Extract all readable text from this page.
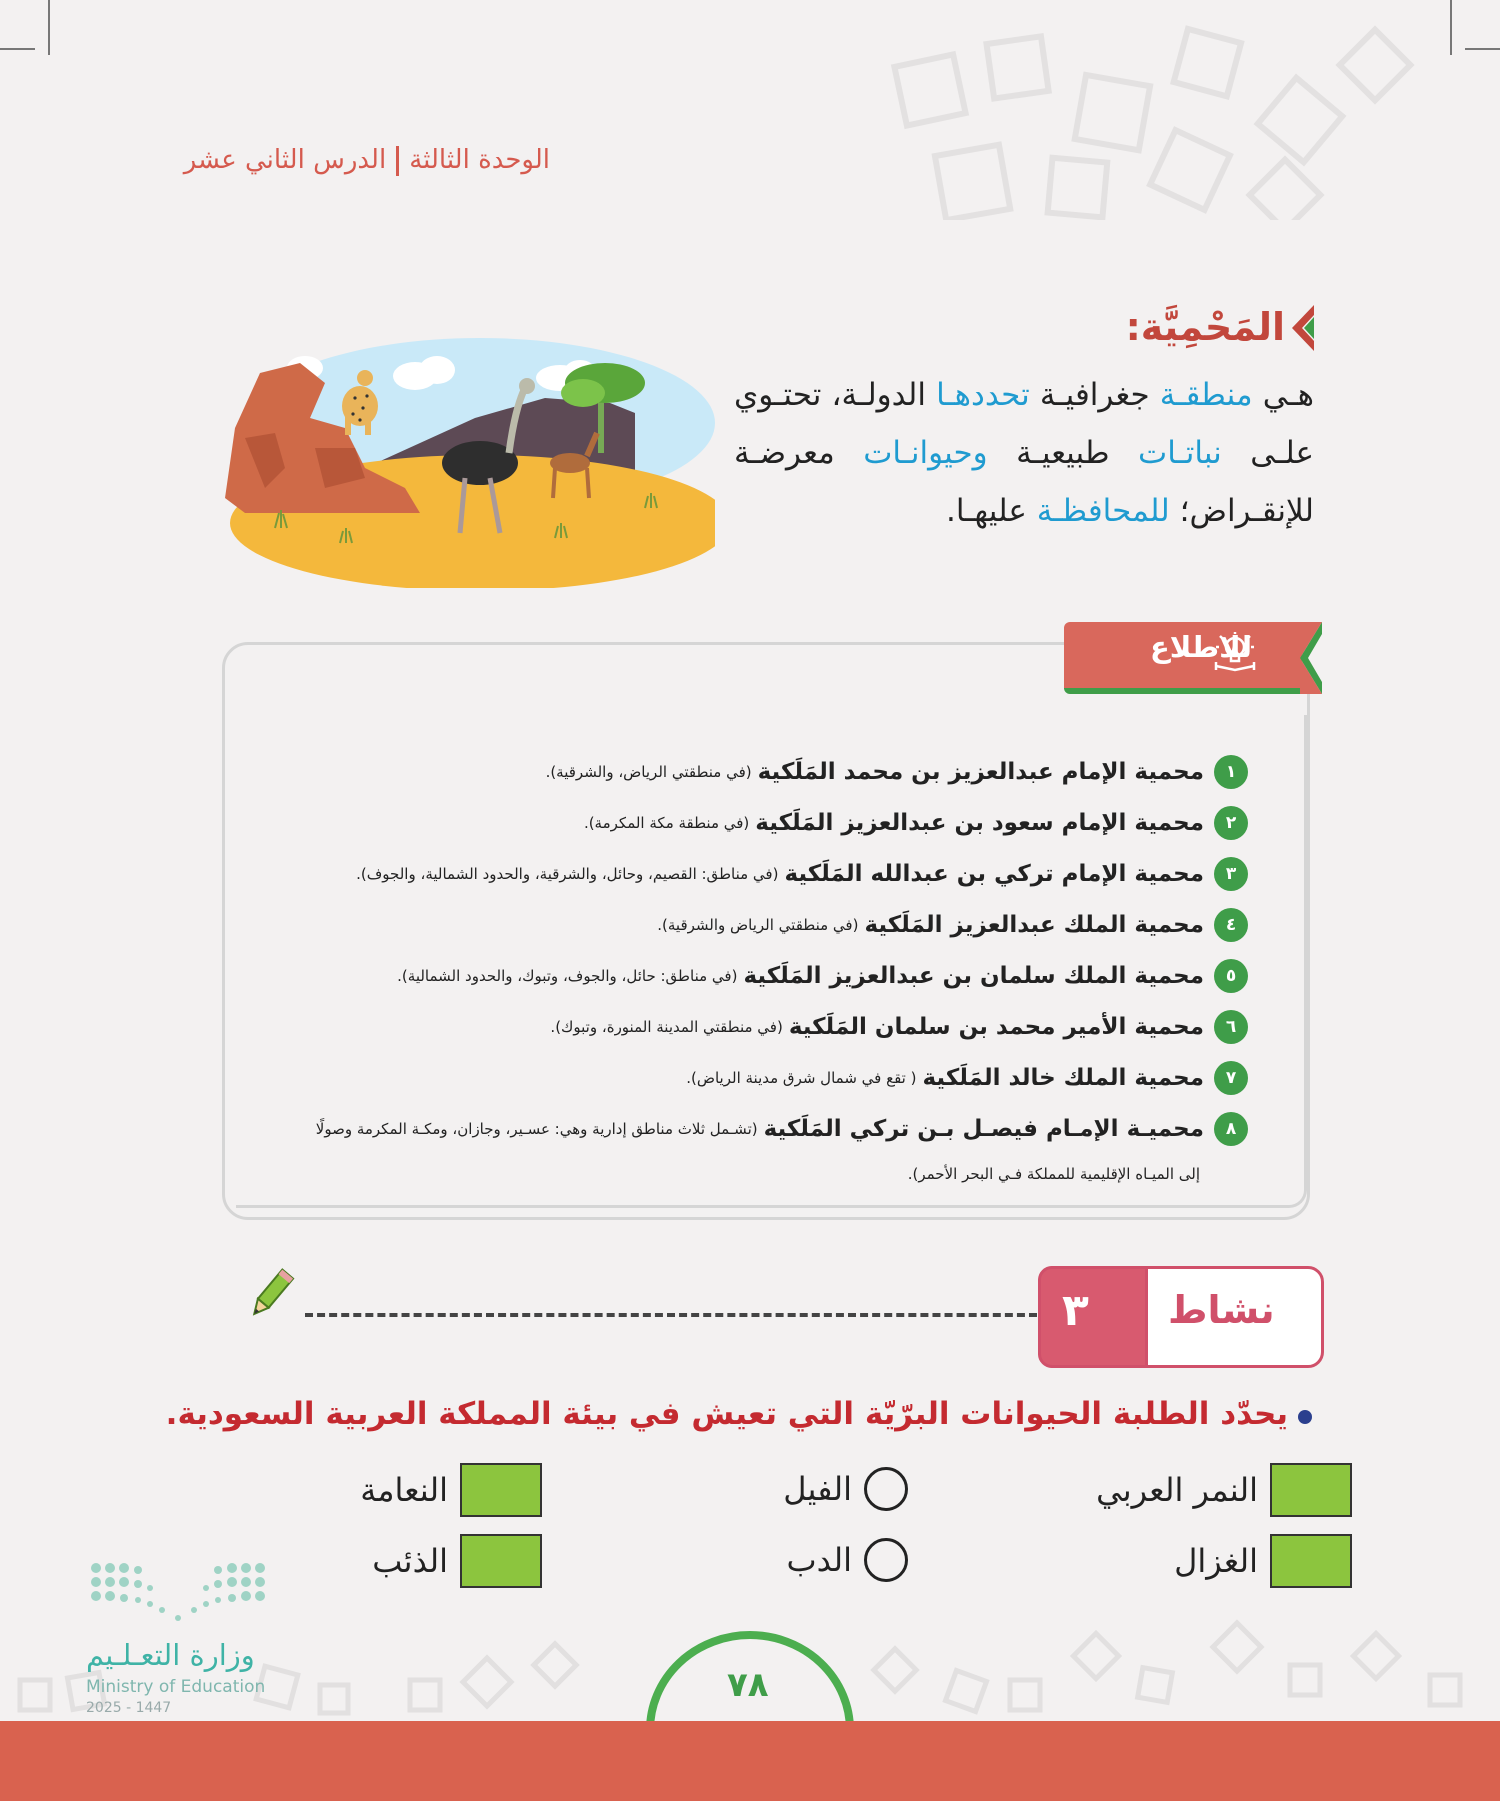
الوحدة الثالثةالدرس الثاني عشر
المَحْمِيَّة:
هـي منطقـة جغرافيـة تحددهـا الدولـة، تحتـوي علـى نباتـات طبيعيـة وحيوانـات معرضـة للإنقـراض؛ للمحافظـة عليهـا.
للاطلاع
١
محمية الإمام عبدالعزيز بن محمد المَلَكية
(في منطقتي الرياض، والشرقية).
٢
محمية الإمام سعود بن عبدالعزيز المَلَكية
(في منطقة مكة المكرمة).
٣
محمية الإمام تركي بن عبدالله المَلَكية
(في مناطق: القصيم، وحائل، والشرقية، والحدود الشمالية، والجوف).
٤
محمية الملك عبدالعزيز المَلَكية
(في منطقتي الرياض والشرقية).
٥
محمية الملك سلمان بن عبدالعزيز المَلَكية
(في مناطق: حائل، والجوف، وتبوك، والحدود الشمالية).
٦
محمية الأمير محمد بن سلمان المَلَكية
(في منطقتي المدينة المنورة، وتبوك).
٧
محمية الملك خالد المَلَكية
( تقع في شمال شرق مدينة الرياض).
٨
محميـة الإمـام فيصـل بـن تركي المَلَكية
(تشـمل ثلاث مناطق إدارية وهي: عسـير، وجازان، ومكـة المكرمة وصولًا
إلى الميـاه الإقليمية للمملكة فـي البحر الأحمر).
٣ نشاط
يحدّد الطلبة الحيوانات البرّيّة التي تعيش في بيئة المملكة العربية السعودية.
النمر العربي
الفيل
النعامة
الغزال
الدب
الذئب
٧٨
وزارة التعـلـيم
Ministry of Education
2025 - 1447
